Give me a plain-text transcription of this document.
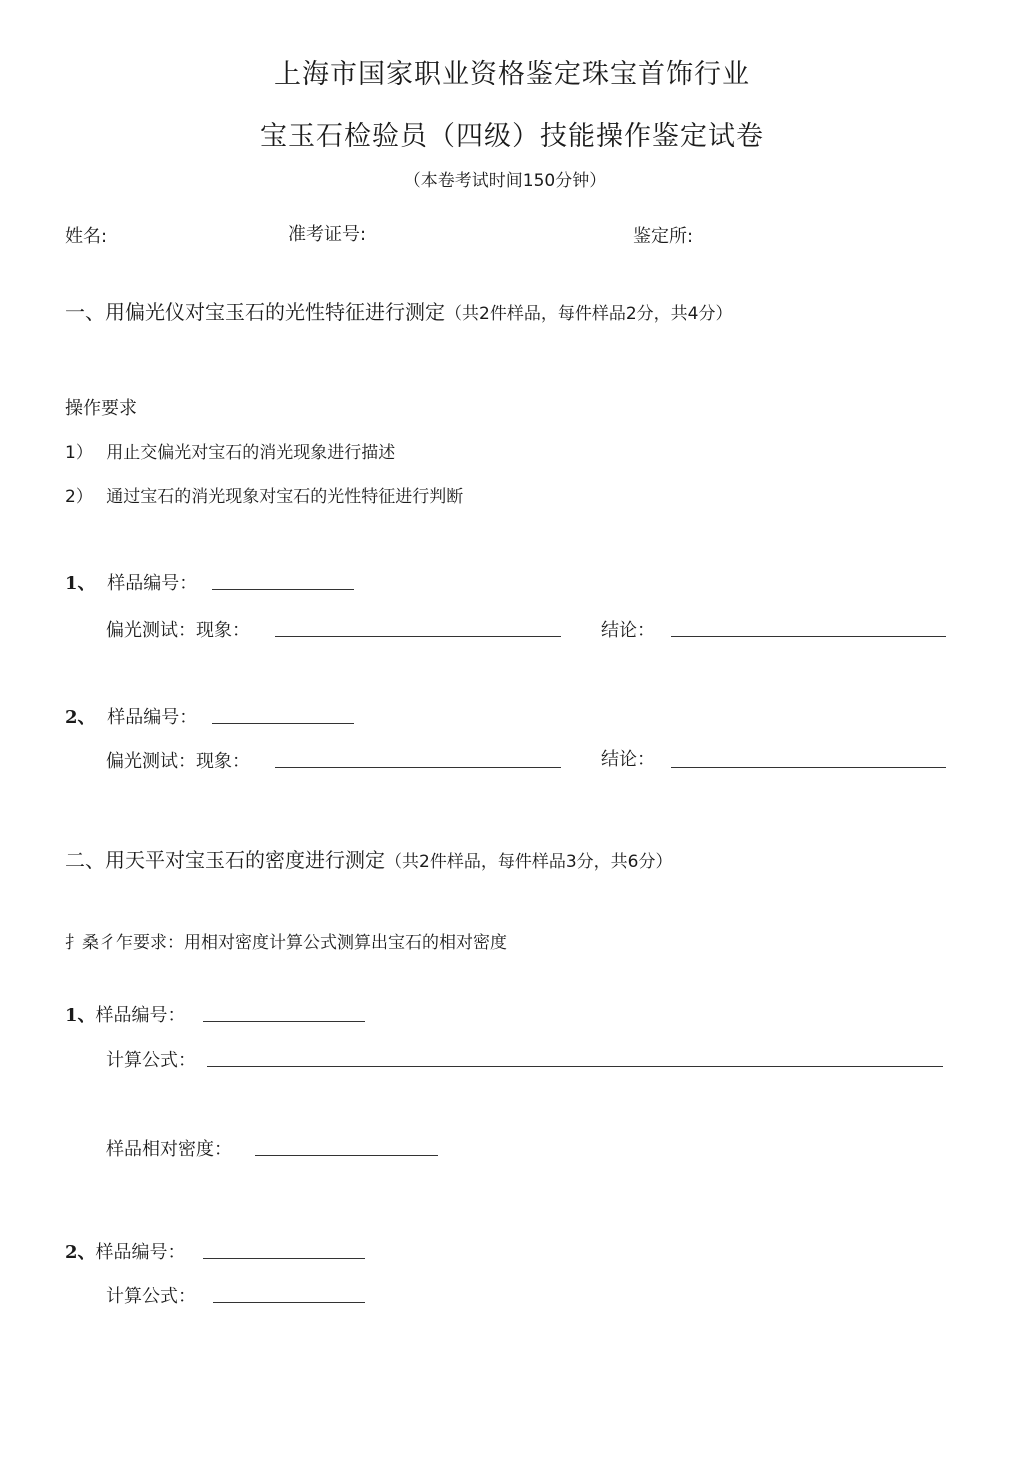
上海市国家职业资格鉴定珠宝首饰行业
宝玉石检验员（四级）技能操作鉴定试卷
（本卷考试时间150分钟）
姓名:	准考证号:	鉴定所:
一、用偏光仪对宝玉石的光性特征进行测定（共2件样品，每件样品2分，共4分）
操作要求
1） 用止交偏光对宝石的消光现象进行描述
2） 通过宝石的消光现象对宝石的光性特征进行判断
1、 样品编号：
偏光测试：现象：	结论：
2、 样品编号：
偏光测试：现象：	结论：
二、用天平对宝玉石的密度进行测定（共2件样品，每件样品3分，共6分）
扌桑彳乍要求：用相对密度计算公式测算出宝石的相对密度
1、样品编号：
计算公式：
样品相对密度：
2、样品编号：
计算公式：
